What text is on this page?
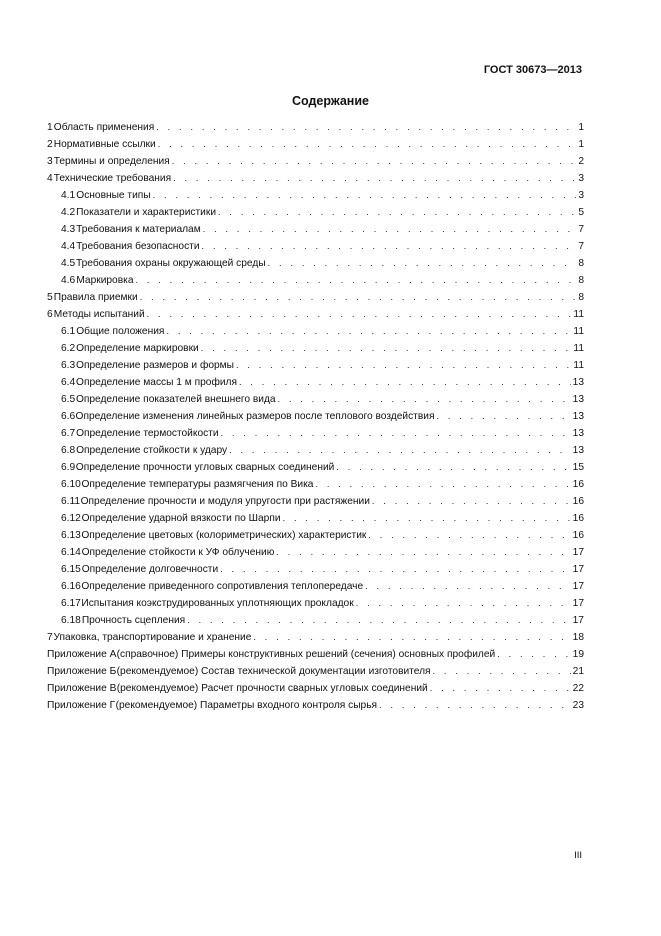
ГОСТ 30673—2013
Содержание
1 Область применения . . .	1
2 Нормативные ссылки . . .	1
3 Термины и определения . . .	2
4 Технические требования . . .	3
4.1 Основные типы . . .	3
4.2 Показатели и характеристики . . .	5
4.3 Требования к материалам . . .	7
4.4 Требования безопасности . . .	7
4.5 Требования охраны окружающей среды . . .	8
4.6 Маркировка . . .	8
5 Правила приемки . . .	8
6 Методы испытаний . . .	11
6.1 Общие положения . . .	11
6.2 Определение маркировки . . .	11
6.3 Определение размеров и формы . . .	11
6.4 Определение массы 1 м профиля . . .	13
6.5 Определение показателей внешнего вида . . .	13
6.6 Определение изменения линейных размеров после теплового воздействия . . .	13
6.7 Определение термостойкости . . .	13
6.8 Определение стойкости к удару . . .	13
6.9 Определение прочности угловых сварных соединений . . .	15
6.10 Определение температуры размягчения по Вика . . .	16
6.11 Определение прочности и модуля упругости при растяжении . . .	16
6.12 Определение ударной вязкости по Шарпи . . .	16
6.13 Определение цветовых (колориметрических) характеристик . . .	16
6.14 Определение стойкости к УФ облучению . . .	17
6.15 Определение долговечности . . .	17
6.16 Определение приведенного сопротивления теплопередаче . . .	17
6.17 Испытания коэкструдированных уплотняющих прокладок . . .	17
6.18 Прочность сцепления . . .	17
7 Упаковка, транспортирование и хранение . . .	18
Приложение А (справочное) Примеры конструктивных решений (сечения) основных профилей . . .	19
Приложение Б (рекомендуемое) Состав технической документации изготовителя . . .	21
Приложение В (рекомендуемое) Расчет прочности сварных угловых соединений . . .	22
Приложение Г (рекомендуемое) Параметры входного контроля сырья . . .	23
III
